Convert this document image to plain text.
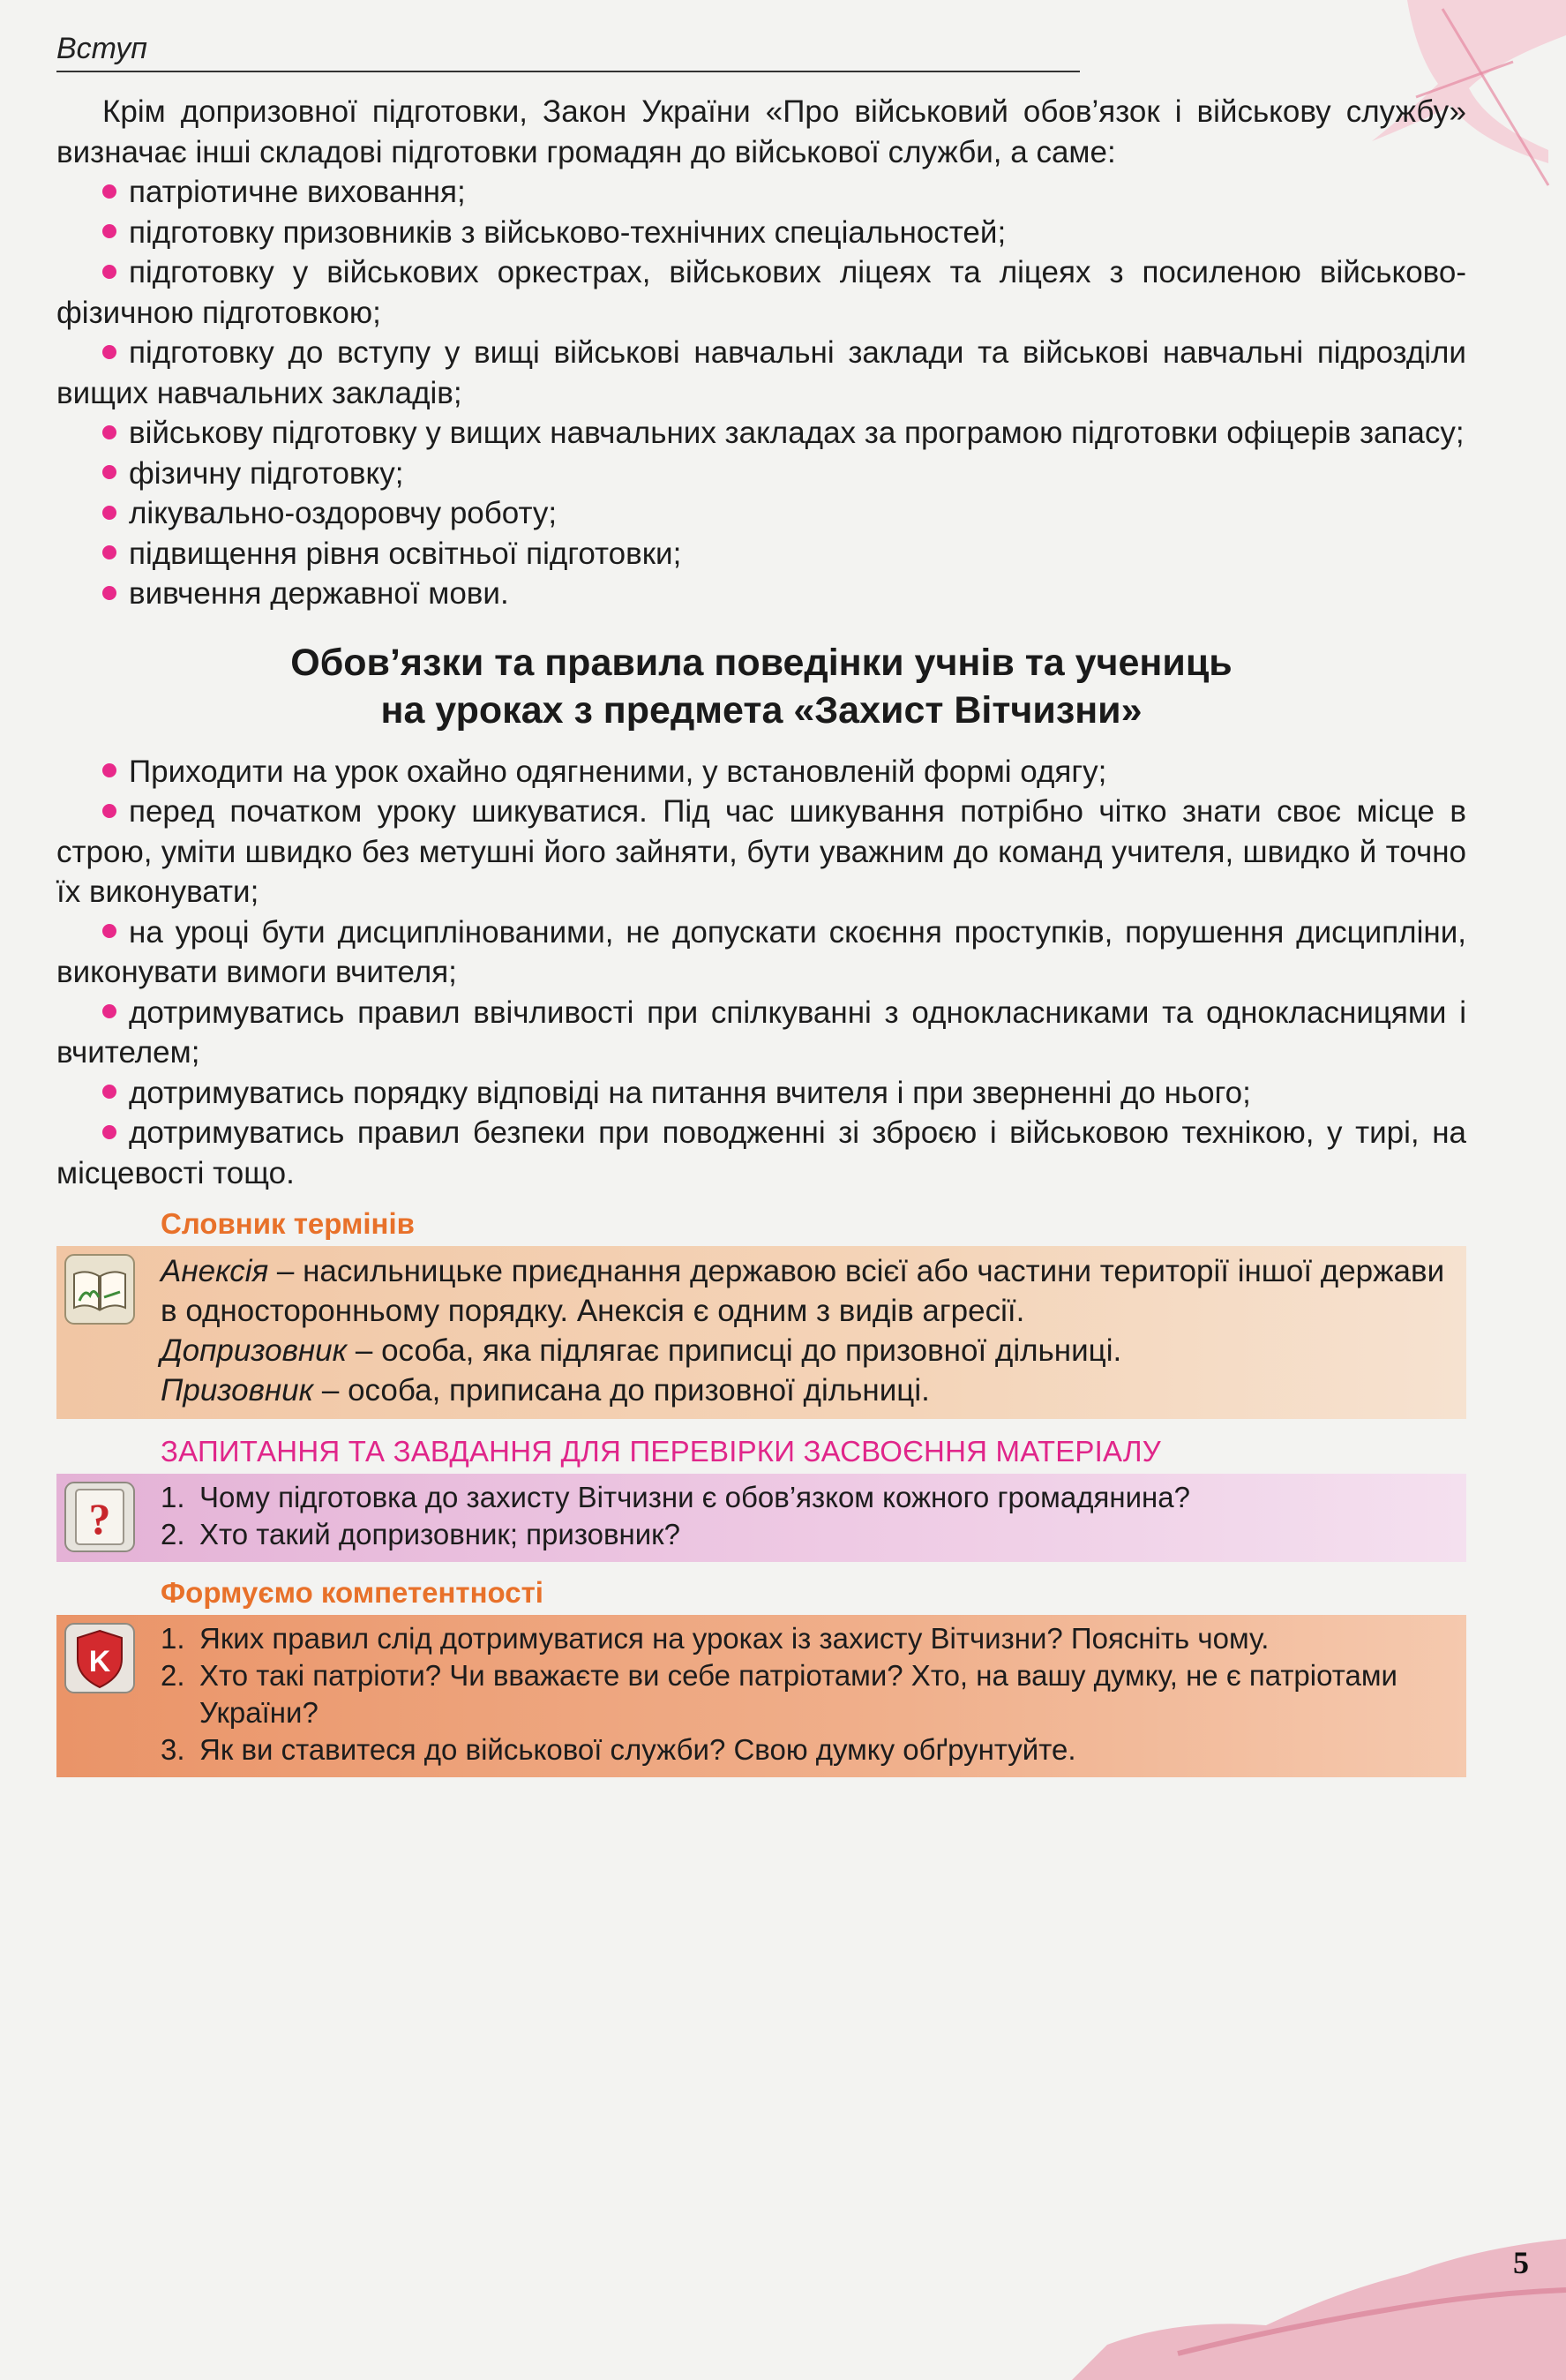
Вступ

Крім допризовної підготовки, Закон України «Про військовий обов’язок і військову службу» визначає інші складові підготовки громадян до військової служби, а саме:

патріотичне виховання;
підготовку призовників з військово-технічних спеціальностей;
підготовку у військових оркестрах, військових ліцеях та ліцеях з посиленою військово-фізичною підготовкою;
підготовку до вступу у вищі військові навчальні заклади та військові навчальні підрозділи вищих навчальних закладів;
військову підготовку у вищих навчальних закладах за програмою підготовки офіцерів запасу;
фізичну підготовку;
лікувально-оздоровчу роботу;
підвищення рівня освітньої підготовки;
вивчення державної мови.
Обов’язки та правила поведінки учнів та учениць
на уроках з предмета «Захист Вітчизни»
Приходити на урок охайно одягненими, у встановленій формі одягу;
перед початком уроку шикуватися. Під час шикування потрібно чітко знати своє місце в строю, уміти швидко без метушні його зайняти, бути уважним до команд учителя, швидко й точно їх виконувати;
на уроці бути дисциплінованими, не допускати скоєння проступків, порушення дисципліни, виконувати вимоги вчителя;
дотримуватись правил ввічливості при спілкуванні з однокласниками та однокласницями і вчителем;
дотримуватись порядку відповіді на питання вчителя і при зверненні до нього;
дотримуватись правил безпеки при поводженні зі зброєю і військовою технікою, у тирі, на місцевості тощо.
Словник термінів
Анексія – насильницьке приєднання державою всієї або частини території іншої держави в односторонньому порядку. Анексія є одним з видів агресії.
Допризовник – особа, яка підлягає приписці до призовної дільниці.
Призовник – особа, приписана до призовної дільниці.
ЗАПИТАННЯ ТА ЗАВДАННЯ ДЛЯ ПЕРЕВІРКИ ЗАСВОЄННЯ МАТЕРІАЛУ
? 1. Чому підготовка до захисту Вітчизни є обов’язком кожного громадянина?
2. Хто такий допризовник; призовник?
Формуємо компетентності
K
1. Яких правил слід дотримуватися на уроках із захисту Вітчизни? Поясніть чому.
2. Хто такі патріоти? Чи вважаєте ви себе патріотами? Хто, на вашу думку, не є патріотами України?
3. Як ви ставитеся до військової служби? Свою думку обґрунтуйте.
5
